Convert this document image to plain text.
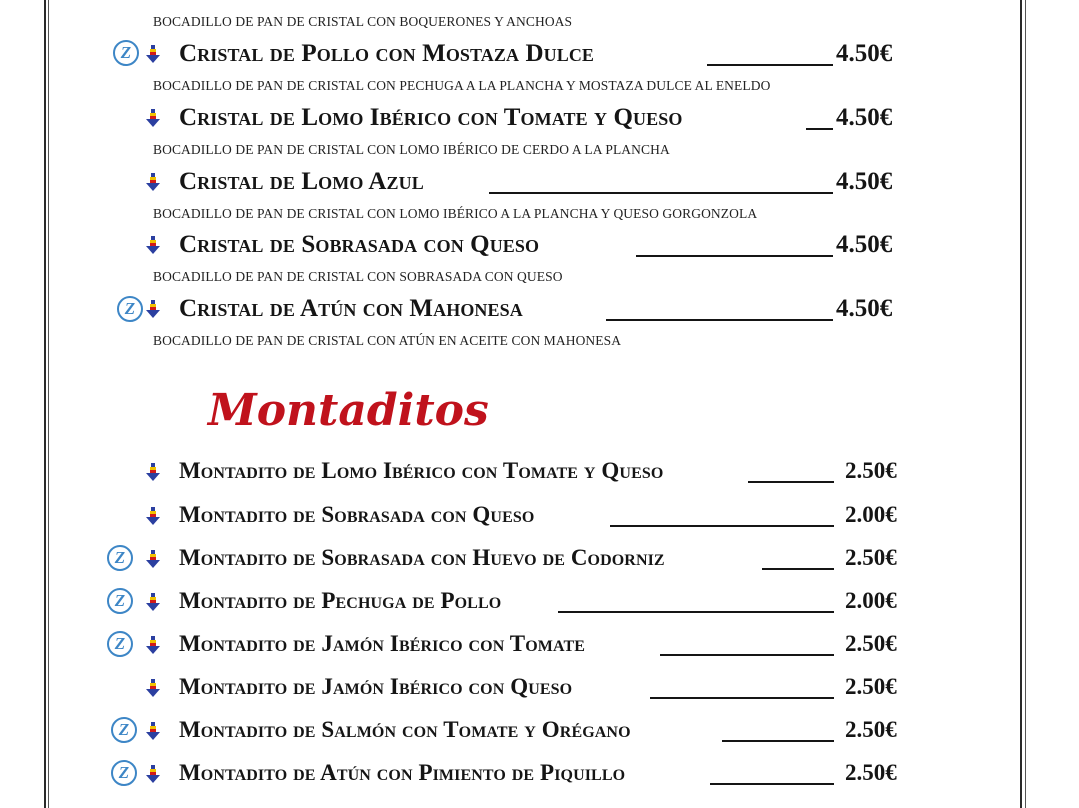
BOCADILLO DE PAN DE CRISTAL CON BOQUERONES Y ANCHOAS
Z Cristal de Pollo con Mostaza Dulce	4.50€
BOCADILLO DE PAN DE CRISTAL CON PECHUGA A LA PLANCHA Y MOSTAZA DULCE AL ENELDO
Cristal de Lomo Ibérico con Tomate y Queso	4.50€
BOCADILLO DE PAN DE CRISTAL CON LOMO IBÉRICO DE CERDO A LA PLANCHA
Cristal de Lomo Azul	4.50€
BOCADILLO DE PAN DE CRISTAL CON LOMO IBÉRICO A LA PLANCHA Y QUESO GORGONZOLA
Cristal de Sobrasada con Queso	4.50€
BOCADILLO DE PAN DE CRISTAL CON SOBRASADA CON QUESO
Z Cristal de Atún con Mahonesa	4.50€
BOCADILLO DE PAN DE CRISTAL CON ATÚN EN ACEITE CON MAHONESA
Montaditos
Montadito de Lomo Ibérico con Tomate y Queso	2.50€
Montadito de Sobrasada con Queso	2.00€
Z Montadito de Sobrasada con Huevo de Codorniz	2.50€
Z Montadito de Pechuga de Pollo	2.00€
Z Montadito de Jamón Ibérico con Tomate	2.50€
Montadito de Jamón Ibérico con Queso	2.50€
Z Montadito de Salmón con Tomate y Orégano	2.50€
Z Montadito de Atún con Pimiento de Piquillo	2.50€
